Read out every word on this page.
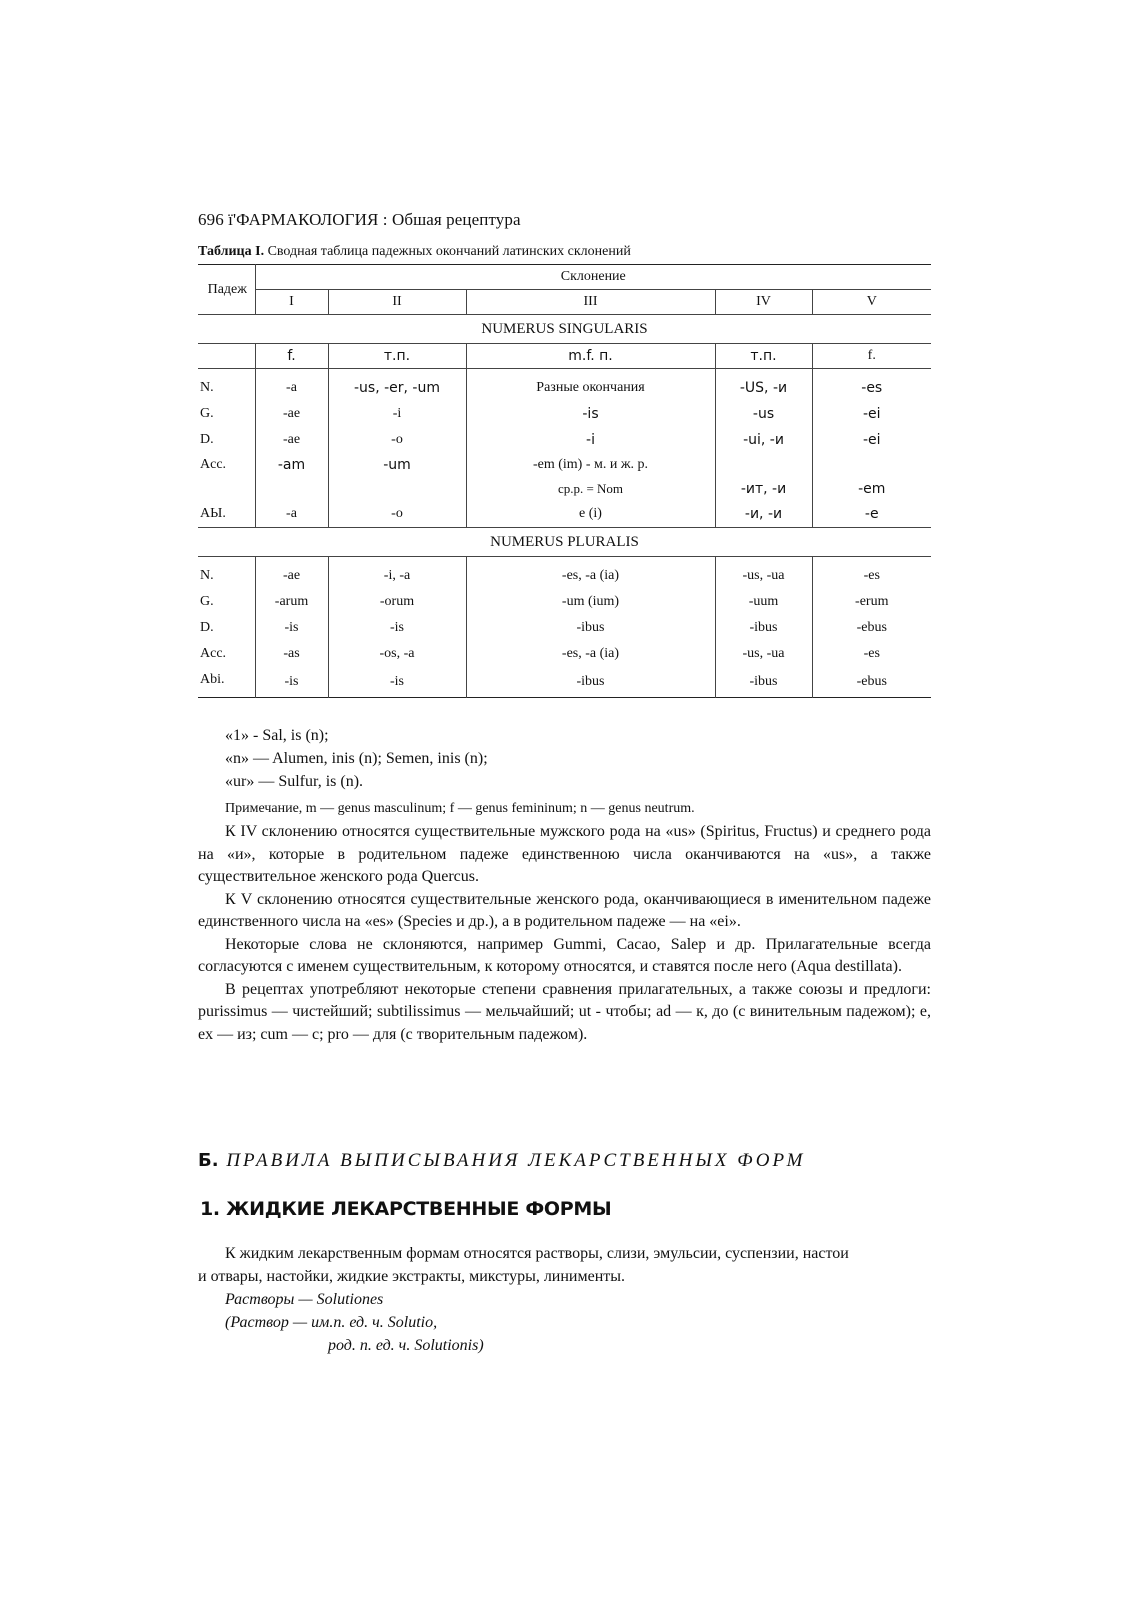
696 ї'ФАРМАКОЛОГИЯ : Обшая рецептура
Таблица I. Сводная таблица падежных окончаний латинских склонений
Падеж	Склонение				
	I	II	III	IV	V
NUMERUS SINGULARIS					
	f.	т.п.	m.f. п.	т.п.	f.
N.	-a	-us, -er, -um	Разные окончания	-US, -и	-es
G.	-ae	-i	-is	-us	-ei
D.	-ae	-o	-i	-ui, -и	-ei
Acc.	-am	-um	-em (im) - м. и ж. р.		
			ср.р. = Nom	-ит, -и	-em
АЫ.	-a	-o	e (i)	-и, -и	-e
NUMERUS PLURALIS					
N.	-ae	-i, -a	-es, -a (ia)	-us, -ua	-es
G.	-arum	-orum	-um (ium)	-uum	-erum
D.	-is	-is	-ibus	-ibus	-ebus
Acc.	-as	-os, -a	-es, -a (ia)	-us, -ua	-es
Abi.	-is	-is	-ibus	-ibus	-ebus
«1» - Sal, is (n);
«n» — Alumen, inis (n); Semen, inis (n);
«ur» — Sulfur, is (n).
Примечание, m — genus masculinum; f — genus femininum; n — genus neutrum.

К IV склонению относятся существительные мужского рода на «us» (Spiritus, Fructus) и среднего рода на «и», которые в родительном падеже единственною числа оканчиваются на «us», а также существительное женского рода Quercus.

К V склонению относятся существительные женского рода, оканчивающиеся в именительном падеже единственного числа на «es» (Species и др.), а в родительном падеже — на «ei».

Некоторые слова не склоняются, например Gummi, Cacao, Salep и др. Прилагательные всегда согласуются с именем существительным, к которому относятся, и ставятся после него (Aqua destillata).

В рецептах употребляют некоторые степени сравнения прилагательных, а также союзы и предлоги: purissimus — чистейший; subtilissimus — мельчайший; ut - чтобы; ad — к, до (с винительным падежом); е, ex — из; cum — с; pro — для (с творительным падежом).

Б. ПРАВИЛА ВЫПИСЫВАНИЯ ЛЕКАРСТВЕННЫХ ФОРМ
1. ЖИДКИЕ ЛЕКАРСТВЕННЫЕ ФОРМЫ

К жидким лекарственным формам относятся растворы, слизи, эмульсии, суспензии, настои и отвары, настойки, жидкие экстракты, микстуры, линименты.

Растворы — Solutiones
(Раствор — им.п. ед. ч. Solutio,
род. п. ед. ч. Solutionis)
